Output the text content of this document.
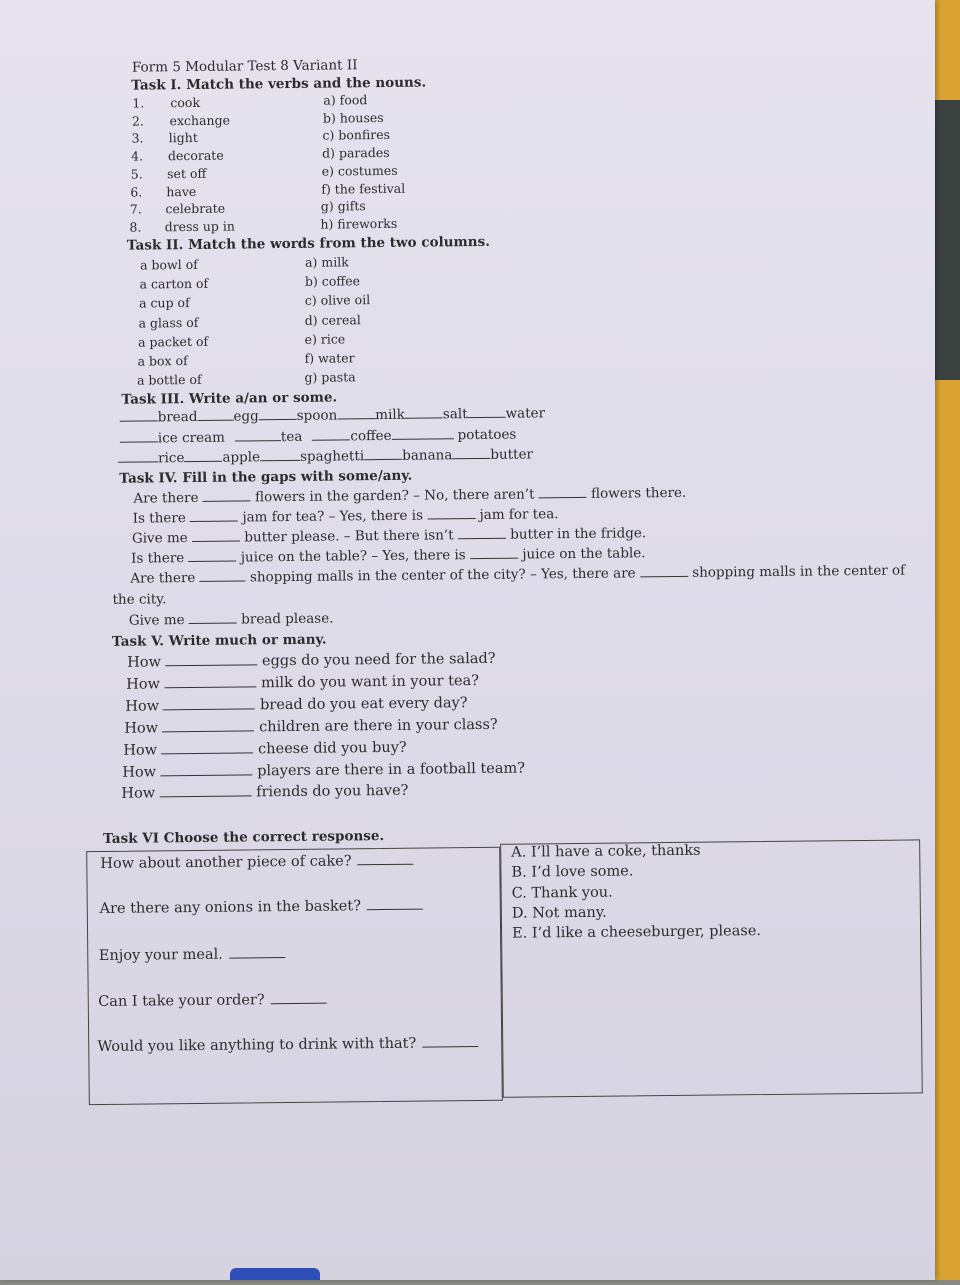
Form 5 Modular Test 8 Variant II
Task I. Match the verbs and the nouns.
1. cook	a) food
2. exchange	b) houses
3. light	c) bonfires
4. decorate	d) parades
5. set off	e) costumes
6. have	f) the festival
7. celebrate	g) gifts
8. dress up in	h) fireworks
Task II. Match the words from the two columns.
a bowl of	a) milk
a carton of	b) coffee
a cup of	c) olive oil
a glass of	d) cereal
a packet of	e) rice
a box of	f) water
a bottle of	g) pasta
Task III. Write a/an or some.
bread	egg	spoon	milk	salt	water
ice cream	tea	coffee	potatoes
rice	apple	spaghetti	banana	butter
Task IV. Fill in the gaps with some/any.
Are there	flowers in the garden? – No, there aren’t	flowers there.
Is there	jam for tea? – Yes, there is	jam for tea.
Give me	butter please. – But there isn’t	butter in the fridge.
Is there	juice on the table? – Yes, there is	juice on the table.
Are there	shopping malls in the center of the city? – Yes, there are	shopping malls in the center of
the city.
Give me	bread please.
Task V. Write much or many.
How	eggs do you need for the salad?
How	milk do you want in your tea?
How	bread do you eat every day?
How	children are there in your class?
How	cheese did you buy?
How	players are there in a football team?
How	friends do you have?
Task VI Choose the correct response.
How about another piece of cake?
Are there any onions in the basket?
Enjoy your meal.
Can I take your order?
Would you like anything to drink with that?
A. I’ll have a coke, thanks
B. I’d love some.
C. Thank you.
D. Not many.
E. I’d like a cheeseburger, please.
